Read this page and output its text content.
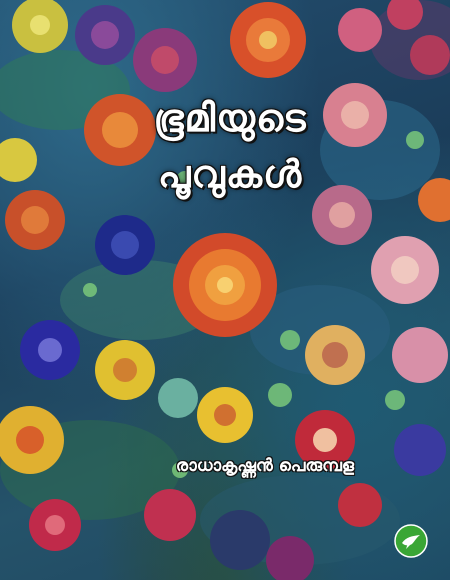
ഭൂമിയുടെ
പൂവുകൾ
രാധാകൃഷ്ണൻ പെരുമ്പള
